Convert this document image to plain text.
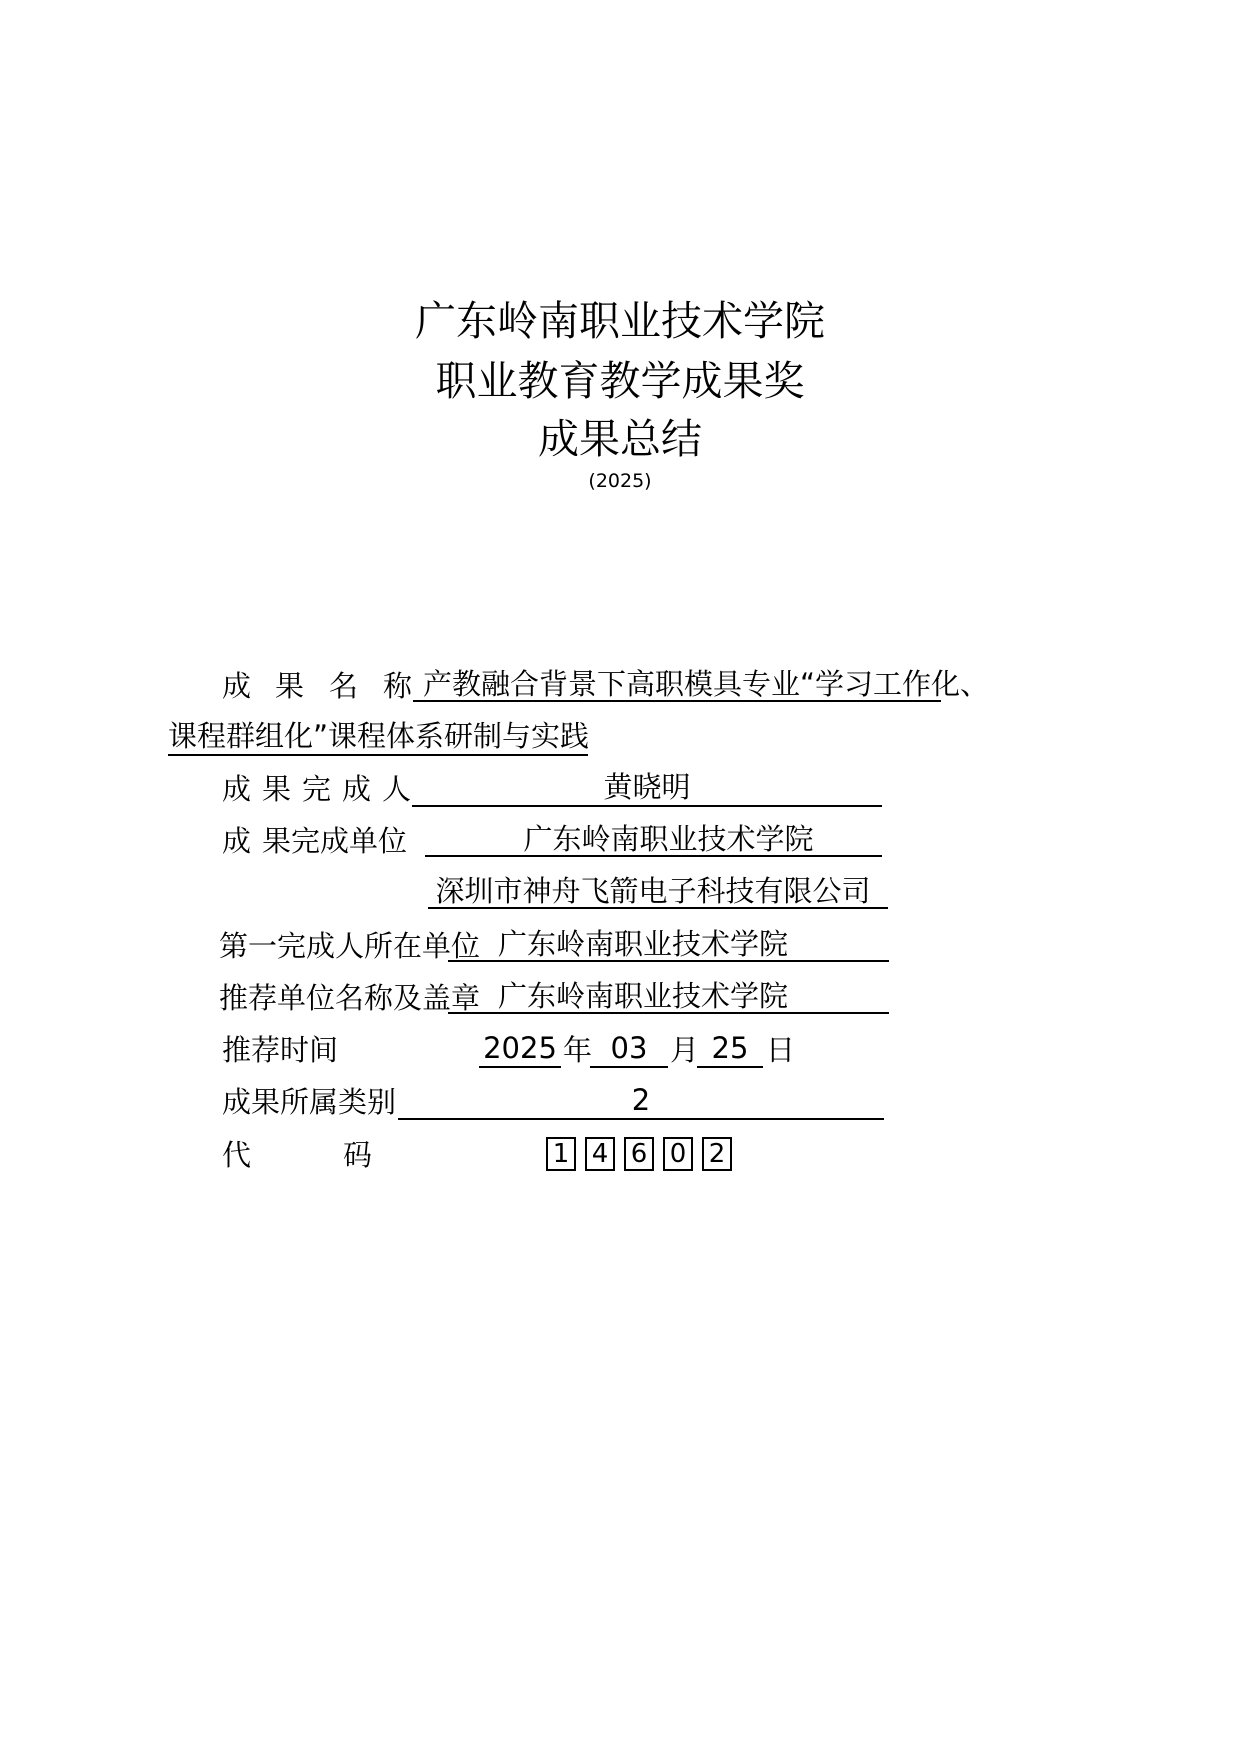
广东岭南职业技术学院
职业教育教学成果奖
成果总结
(2025)
成 果 名 称 产教融合背景下高职模具专业“学习工作化、
课程群组化”课程体系研制与实践
成 果 完 成 人	黄晓明
成 果完成单位	广东岭南职业技术学院
深圳市神舟飞箭电子科技有限公司
第一完成人所在单位 广东岭南职业技术学院
推荐单位名称及盖章 广东岭南职业技术学院
推荐时间	2025 年 03 月 25 日
成果所属类别	2
代	码	1 4 6 0 2
